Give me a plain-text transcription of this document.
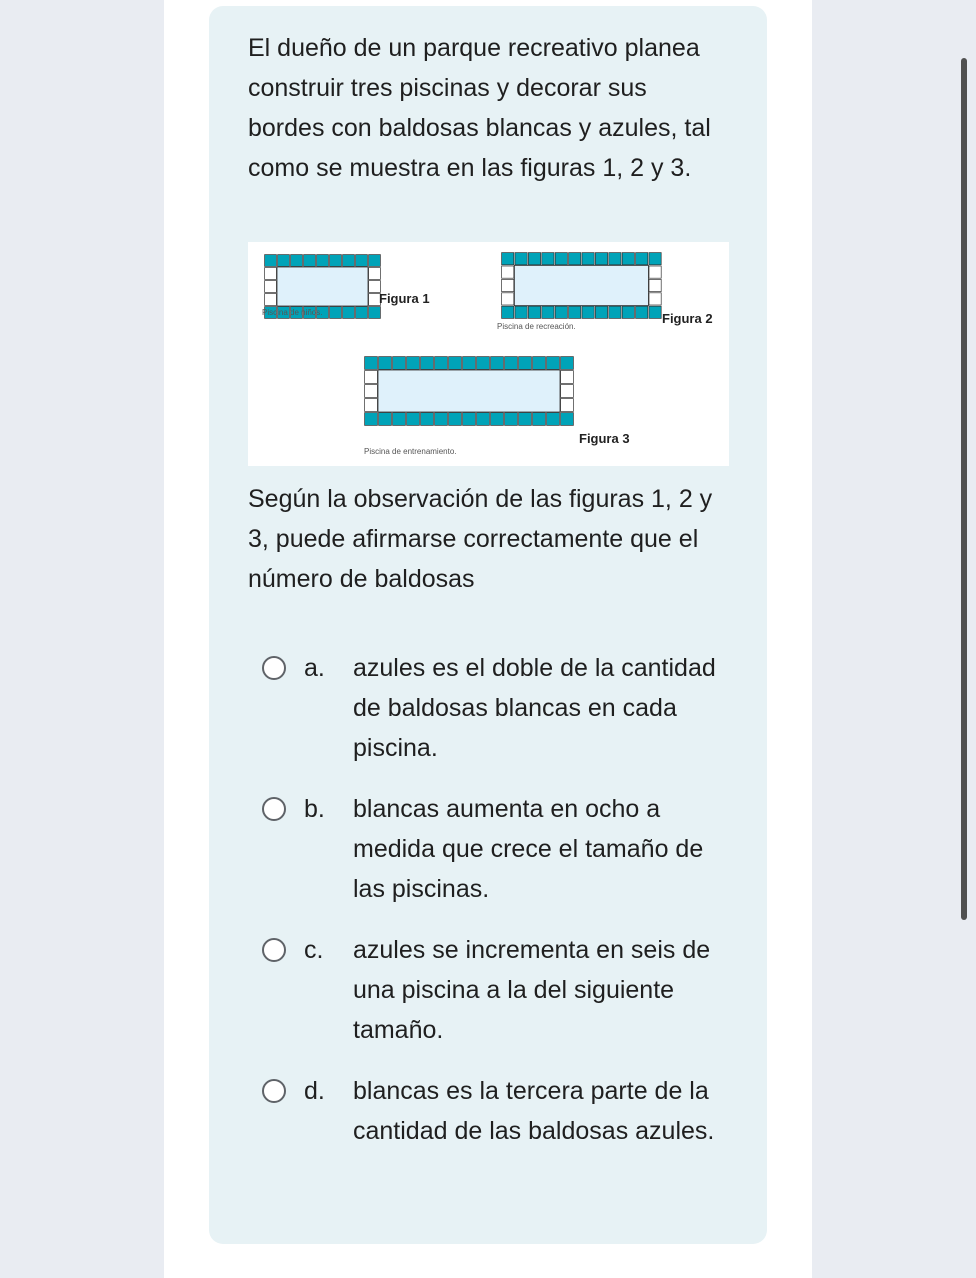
El dueño de un parque recreativo planea construir tres piscinas y decorar sus bordes con baldosas blancas y azules, tal como se muestra en las figuras 1, 2 y 3.

Figura 1
Piscina de niños.	Figura 2
Piscina de recreación.
Figura 3
Piscina de entrenamiento.

Según la observación de las figuras 1, 2 y 3, puede afirmarse correctamente que el número de baldosas

a. azules es el doble de la cantidad de baldosas blancas en cada piscina.
b. blancas aumenta en ocho a medida que crece el tamaño de las piscinas.
c. azules se incrementa en seis de una piscina a la del siguiente tamaño.
d. blancas es la tercera parte de la cantidad de las baldosas azules.
